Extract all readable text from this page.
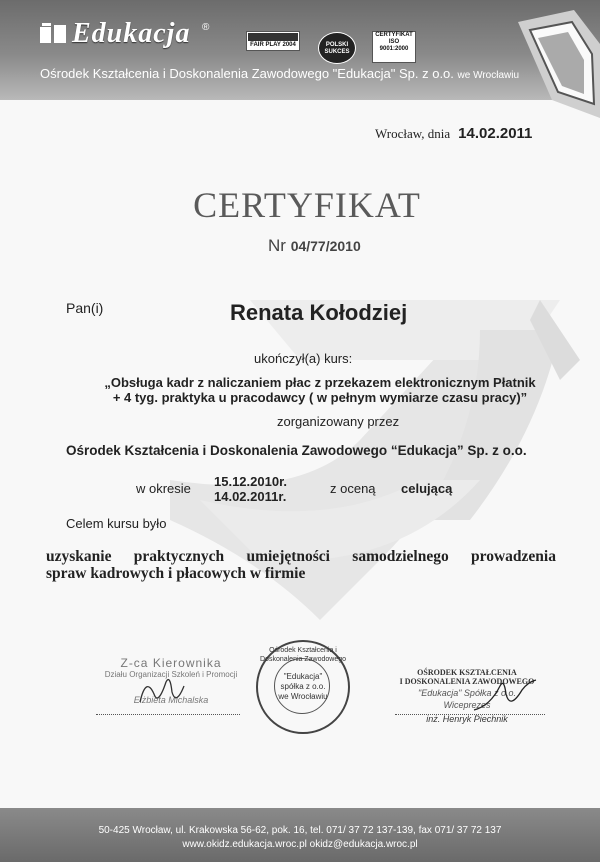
Edukacja ®
FAIR PLAY 2004	POLSKI SUKCES
CERTYFIKAT
ISO
9001:2000
Ośrodek Kształcenia i Doskonalenia Zawodowego "Edukacja" Sp. z o.o. we Wrocławiu
Wrocław, dnia 14.02.2011
CERTYFIKAT
Nr 04/77/2010
Pan(i)	Renata Kołodziej
ukończył(a) kurs:
„Obsługa kadr z naliczaniem płac z przekazem elektronicznym Płatnik
+ 4 tyg. praktyka u pracodawcy ( w pełnym wymiarze czasu pracy)”
zorganizowany przez
Ośrodek Kształcenia i Doskonalenia Zawodowego “Edukacja” Sp. z o.o.
w okresie 15.12.2010r.
14.02.2011r.
z oceną celującą
Celem kursu było
uzyskanie praktycznych umiejętności samodzielnego prowadzenia
spraw kadrowych i płacowych w firmie
Z-ca Kierownika
Działu Organizacji Szkoleń i Promocji
Elżbieta Michalska
Ośrodek Kształcenia i Doskonalenia Zawodowego
"Edukacja"
spółka z o.o.
we Wrocławiu
OŚRODEK KSZTAŁCENIA
I DOSKONALENIA ZAWODOWEGO
"Edukacja" Spółka z o.o.
Wiceprezes
inż. Henryk Piechnik
50-425 Wrocław, ul. Krakowska 56-62, pok. 16, tel. 071/ 37 72 137-139, fax 071/ 37 72 137
www.okidz.edukacja.wroc.pl okidz@edukacja.wroc.pl
